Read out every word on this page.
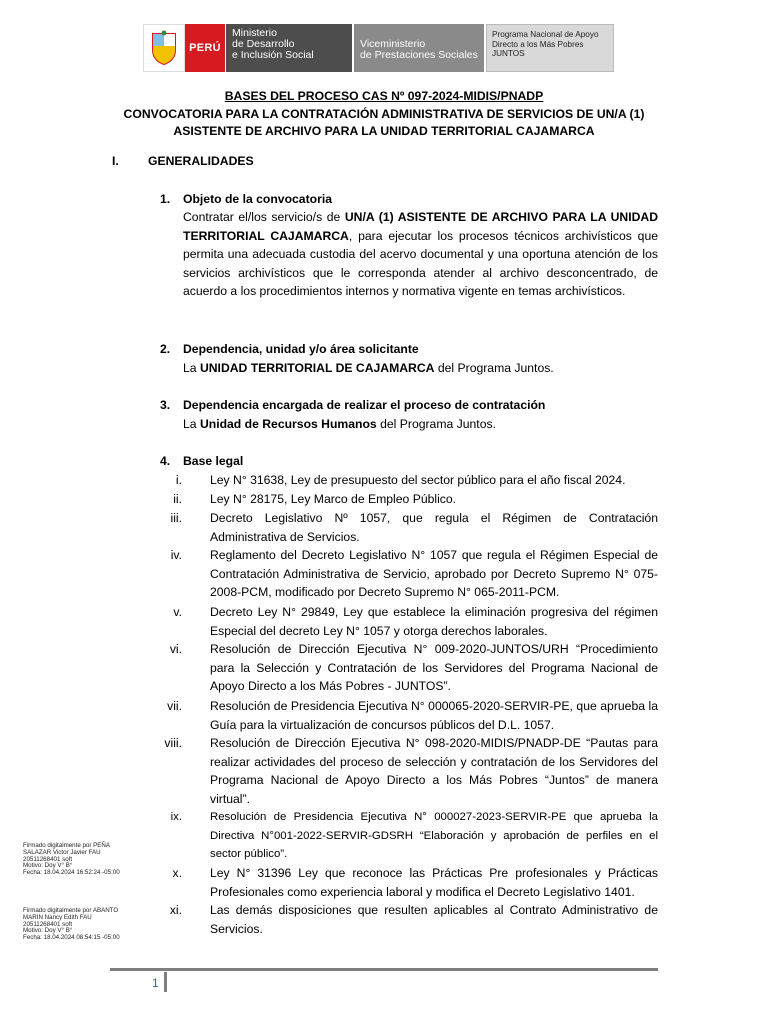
PERÚ
Ministerio
de Desarrollo
e Inclusión Social
Viceministerio
de Prestaciones Sociales
Programa Nacional de Apoyo
Directo a los Más Pobres
JUNTOS
BASES DEL PROCESO CAS Nº 097-2024-MIDIS/PNADP
CONVOCATORIA PARA LA CONTRATACIÓN ADMINISTRATIVA DE SERVICIOS DE UN/A (1)
ASISTENTE DE ARCHIVO PARA LA UNIDAD TERRITORIAL CAJAMARCA
I. GENERALIDADES
1. Objeto de la convocatoria
Contratar el/los servicio/s de UN/A (1) ASISTENTE DE ARCHIVO PARA LA UNIDAD TERRITORIAL CAJAMARCA, para ejecutar los procesos técnicos archivísticos que permita una adecuada custodia del acervo documental y una oportuna atención de los servicios archivísticos que le corresponda atender al archivo desconcentrado, de acuerdo a los procedimientos internos y normativa vigente en temas archivísticos.
2. Dependencia, unidad y/o área solicitante
La UNIDAD TERRITORIAL DE CAJAMARCA del Programa Juntos.
3. Dependencia encargada de realizar el proceso de contratación
La Unidad de Recursos Humanos del Programa Juntos.
4. Base legal
i.	Ley N° 31638, Ley de presupuesto del sector público para el año fiscal 2024.
ii.	Ley N° 28175, Ley Marco de Empleo Público.
iii.	Decreto Legislativo Nº 1057, que regula el Régimen de Contratación Administrativa de Servicios.
iv.	Reglamento del Decreto Legislativo N° 1057 que regula el Régimen Especial de Contratación Administrativa de Servicio, aprobado por Decreto Supremo N° 075-2008-PCM, modificado por Decreto Supremo N° 065-2011-PCM.
v.	Decreto Ley N° 29849, Ley que establece la eliminación progresiva del régimen Especial del decreto Ley N° 1057 y otorga derechos laborales.
vi.	Resolución de Dirección Ejecutiva N° 009-2020-JUNTOS/URH “Procedimiento para la Selección y Contratación de los Servidores del Programa Nacional de Apoyo Directo a los Más Pobres - JUNTOS”.
vii.	Resolución de Presidencia Ejecutiva N° 000065-2020-SERVIR-PE, que aprueba la Guía para la virtualización de concursos públicos del D.L. 1057.
viii.	Resolución de Dirección Ejecutiva N° 098-2020-MIDIS/PNADP-DE “Pautas para realizar actividades del proceso de selección y contratación de los Servidores del Programa Nacional de Apoyo Directo a los Más Pobres “Juntos” de manera virtual”.
ix.	Resolución de Presidencia Ejecutiva N° 000027-2023-SERVIR-PE que aprueba la Directiva N°001-2022-SERVIR-GDSRH “Elaboración y aprobación de perfiles en el sector público”.
x.	Ley N° 31396 Ley que reconoce las Prácticas Pre profesionales y Prácticas Profesionales como experiencia laboral y modifica el Decreto Legislativo 1401.
xi.	Las demás disposiciones que resulten aplicables al Contrato Administrativo de Servicios.
Firmado digitalmente por PEÑA
SALAZAR Victor Javier FAU
20511268401 soft
Motivo: Doy V° B°
Fecha: 18.04.2024 16:52:24 -05:00
Firmado digitalmente por ABANTO
MARIN Nancy Edith FAU
20511268401 soft
Motivo: Doy V° B°
Fecha: 18.04.2024 08:54:15 -05:00
1
